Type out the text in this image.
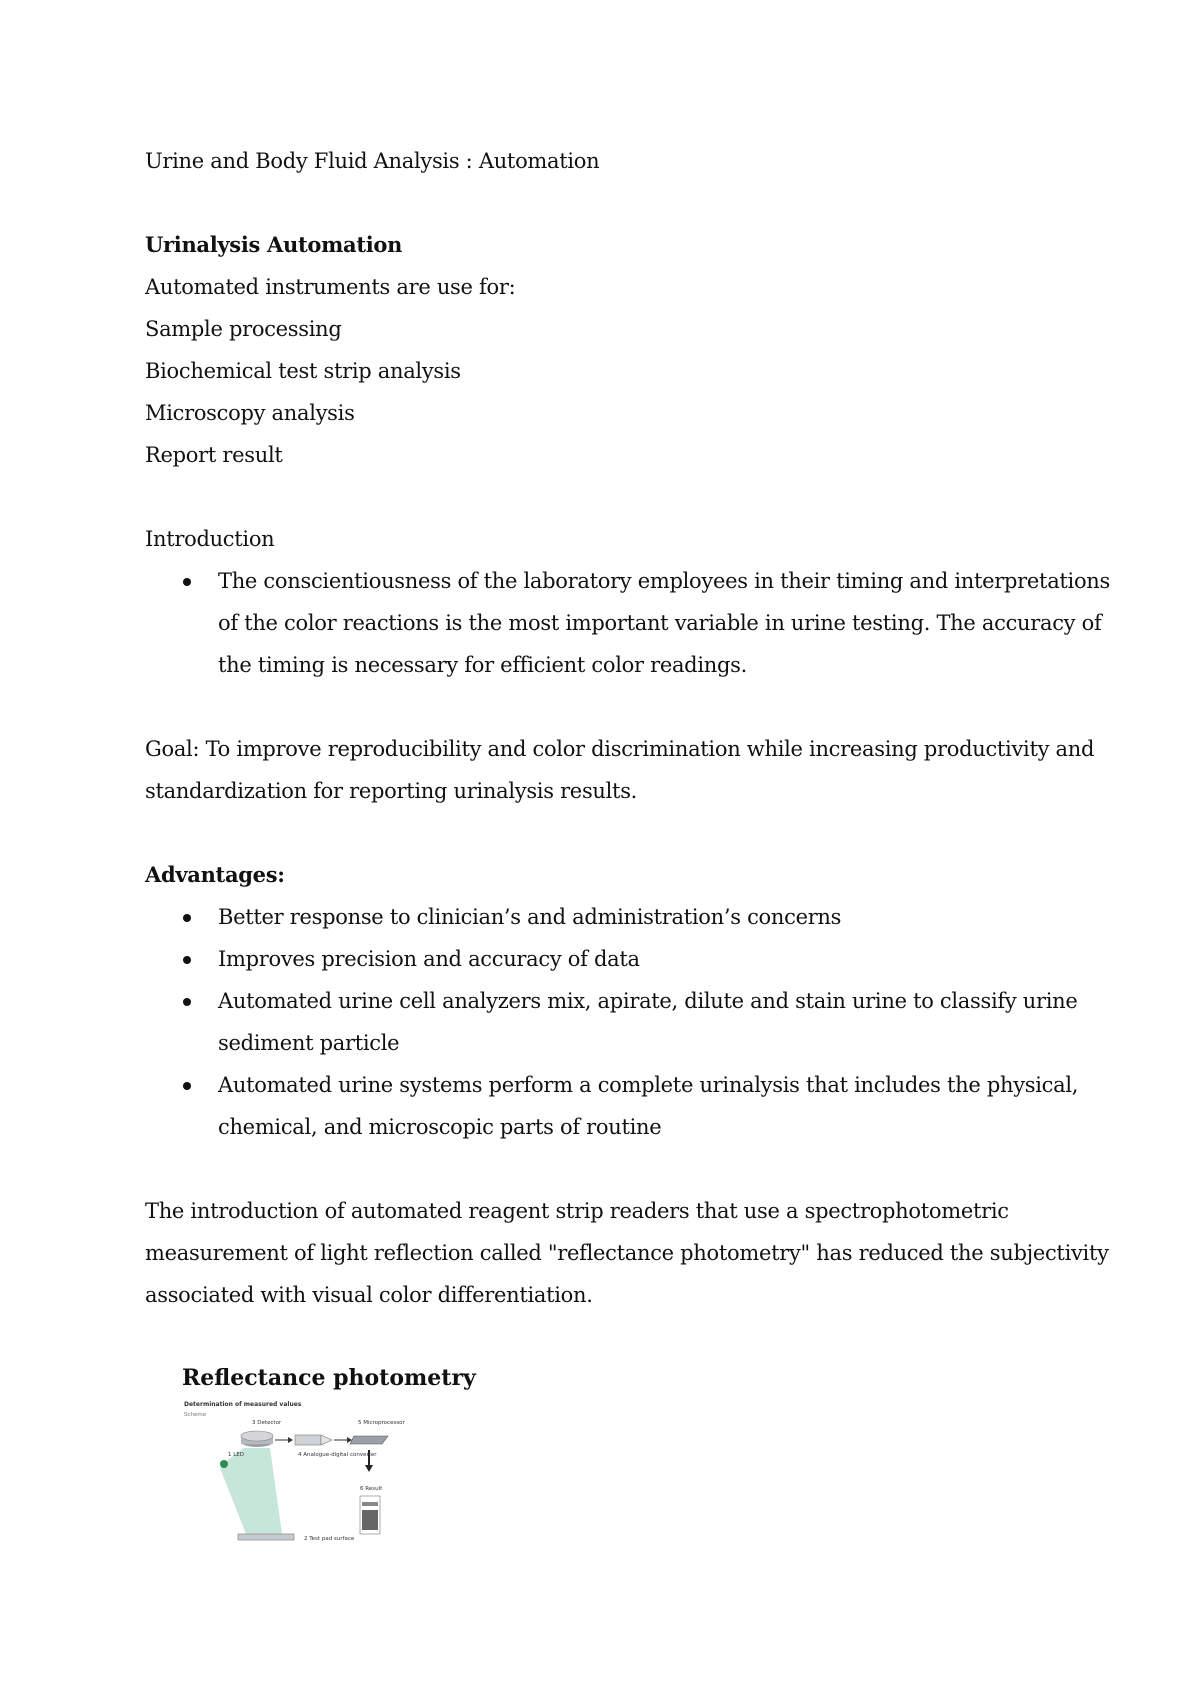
Urine and Body Fluid Analysis : Automation
Urinalysis Automation
Automated instruments are use for:
Sample processing
Biochemical test strip analysis
Microscopy analysis
Report result
Introduction
The conscientiousness of the laboratory employees in their timing and interpretations
of the color reactions is the most important variable in urine testing. The accuracy of
the timing is necessary for efficient color readings.
Goal: To improve reproducibility and color discrimination while increasing productivity and
standardization for reporting urinalysis results.
Advantages:
Better response to clinician’s and administration’s concerns
Improves precision and accuracy of data
Automated urine cell analyzers mix, apirate, dilute and stain urine to classify urine
sediment particle
Automated urine systems perform a complete urinalysis that includes the physical,
chemical, and microscopic parts of routine
The introduction of automated reagent strip readers that use a spectrophotometric
measurement of light reflection called "reflectance photometry" has reduced the subjectivity
associated with visual color differentiation.
Reflectance photometry
Determination of measured values
Scheme
3 Detector
1 LED
2 Test pad surface
4 Analogue-digital converter
5 Microprocessor
6 Result
